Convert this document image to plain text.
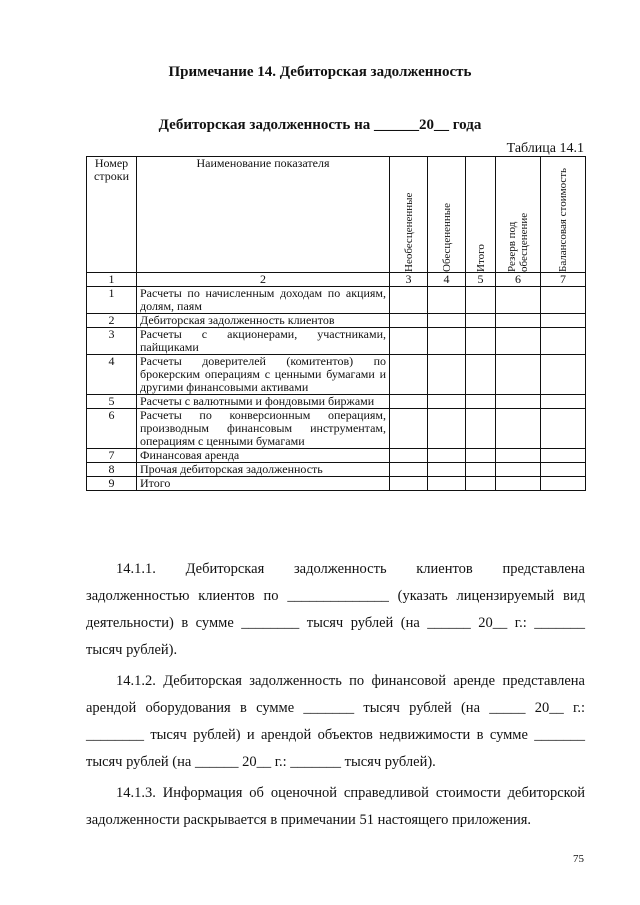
Примечание 14. Дебиторская задолженность
Дебиторская задолженность на ______20__ года
Таблица 14.1
Номер строки	Наименование показателя	Необесцененные	Обесцененные	Итого	Резерв под обесценение	Балансовая стоимость

1	2	3	4	5	6	7
1	Расчеты по начисленным доходам по акциям, долям, паям					
2	Дебиторская задолженность клиентов					
3	Расчеты с акционерами, участниками, пайщиками					
4	Расчеты доверителей (комитентов) по брокерским операциям с ценными бумагами и другими финансовыми активами					
5	Расчеты с валютными и фондовыми биржами					
6	Расчеты по конверсионным операциям, производным финансовым инструментам, операциям с ценными бумагами					
7	Финансовая аренда					
8	Прочая дебиторская задолженность					
9	Итого					

14.1.1. Дебиторская задолженность клиентов представлена задолженностью клиентов по ______________ (указать лицензируемый вид деятельности) в сумме ________ тысяч рублей (на ______ 20__ г.: _______ тысяч рублей).

14.1.2. Дебиторская задолженность по финансовой аренде представлена арендой оборудования в сумме _______ тысяч рублей (на _____ 20__ г.: ________ тысяч рублей) и арендой объектов недвижимости в сумме _______ тысяч рублей (на ______ 20__ г.: _______ тысяч рублей).

14.1.3. Информация об оценочной справедливой стоимости дебиторской задолженности раскрывается в примечании 51 настоящего приложения.

75
